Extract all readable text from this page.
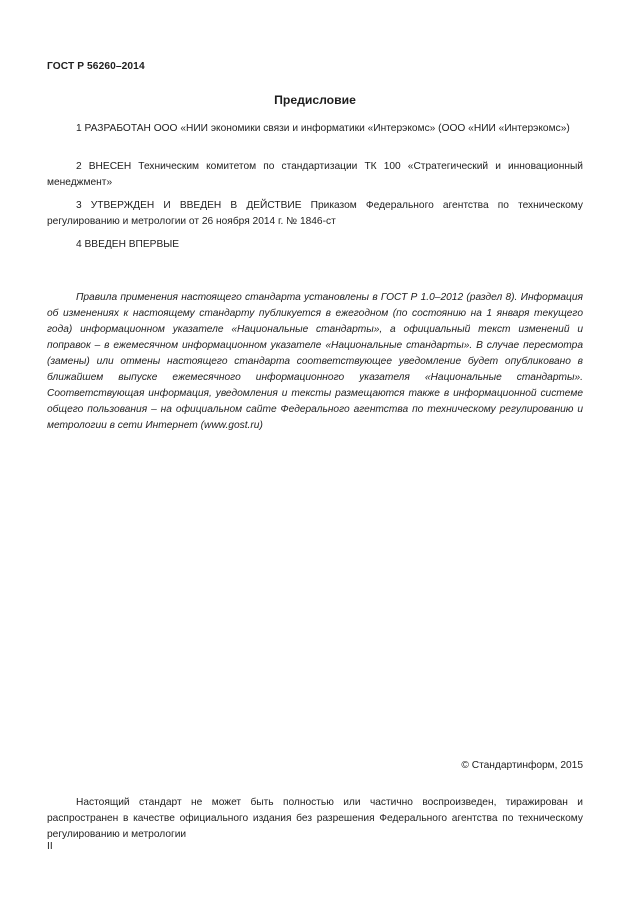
ГОСТ Р 56260–2014
Предисловие
1 РАЗРАБОТАН ООО «НИИ экономики связи и информатики «Интерэкомс» (ООО «НИИ «Интерэкомс»)
2 ВНЕСЕН Техническим комитетом по стандартизации ТК 100 «Стратегический и инновационный менеджмент»
3 УТВЕРЖДЕН И ВВЕДЕН В ДЕЙСТВИЕ Приказом Федерального агентства по техническому регулированию и метрологии от 26 ноября 2014 г. № 1846-ст
4 ВВЕДЕН ВПЕРВЫЕ
Правила применения настоящего стандарта установлены в ГОСТ Р 1.0–2012 (раздел 8). Информация об изменениях к настоящему стандарту публикуется в ежегодном (по состоянию на 1 января текущего года) информационном указателе «Национальные стандарты», а официальный текст изменений и поправок – в ежемесячном информационном указателе «Национальные стандарты». В случае пересмотра (замены) или отмены настоящего стандарта соответствующее уведомление будет опубликовано в ближайшем выпуске ежемесячного информационного указателя «Национальные стандарты». Соответствующая информация, уведомления и тексты размещаются также в информационной системе общего пользования – на официальном сайте Федерального агентства по техническому регулированию и метрологии в сети Интернет (www.gost.ru)
© Стандартинформ, 2015
Настоящий стандарт не может быть полностью или частично воспроизведен, тиражирован и распространен в качестве официального издания без разрешения Федерального агентства по техническому регулированию и метрологии
II
